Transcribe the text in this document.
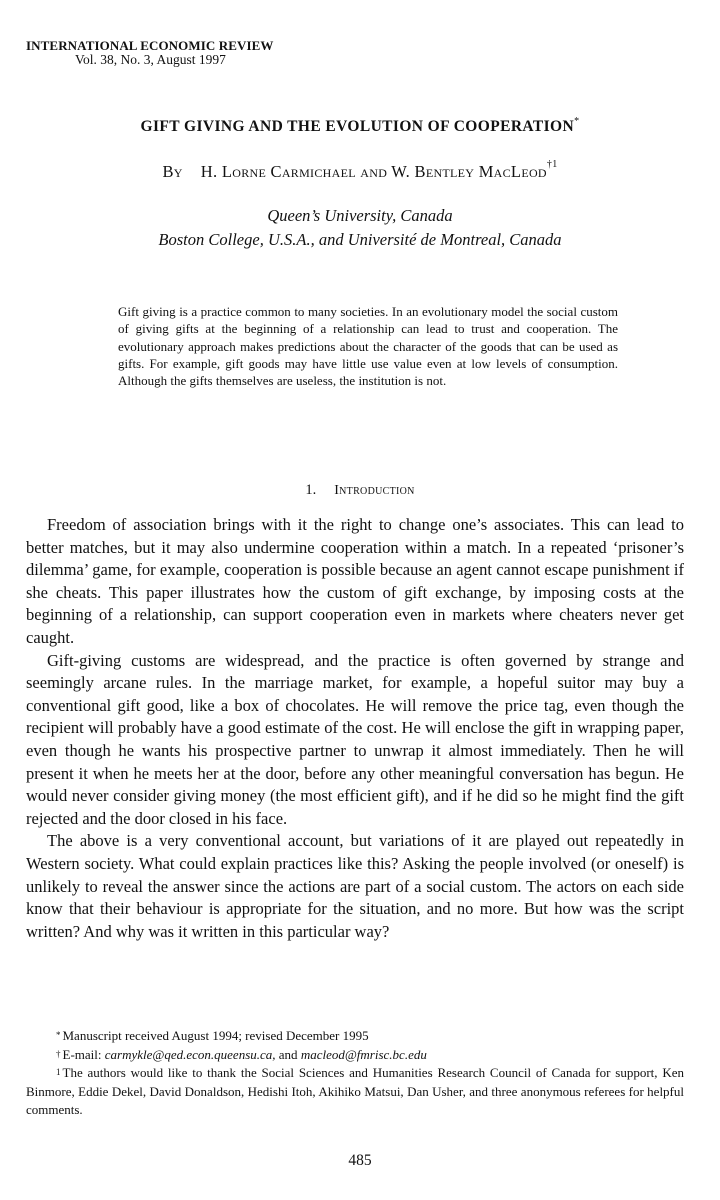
INTERNATIONAL ECONOMIC REVIEW
Vol. 38, No. 3, August 1997
GIFT GIVING AND THE EVOLUTION OF COOPERATION*
By H. Lorne Carmichael and W. Bentley MacLeod$^{\dagger 1}$
Queen’s University, Canada
Boston College, U.S.A., and Université de Montreal, Canada
Gift giving is a practice common to many societies. In an evolutionary model the social custom of giving gifts at the beginning of a relationship can lead to trust and cooperation. The evolutionary approach makes predictions about the character of the goods that can be used as gifts. For example, gift goods may have little use value even at low levels of consumption. Although the gifts themselves are useless, the institution is not.
1. Introduction

Freedom of association brings with it the right to change one’s associates. This can lead to better matches, but it may also undermine cooperation within a match. In a repeated ‘prisoner’s dilemma’ game, for example, cooperation is possible because an agent cannot escape punishment if she cheats. This paper illustrates how the custom of gift exchange, by imposing costs at the beginning of a relationship, can support cooperation even in markets where cheaters never get caught.

Gift-giving customs are widespread, and the practice is often governed by strange and seemingly arcane rules. In the marriage market, for example, a hopeful suitor may buy a conventional gift good, like a box of chocolates. He will remove the price tag, even though the recipient will probably have a good estimate of the cost. He will enclose the gift in wrapping paper, even though he wants his prospective partner to unwrap it almost immediately. Then he will present it when he meets her at the door, before any other meaningful conversation has begun. He would never consider giving money (the most efficient gift), and if he did so he might find the gift rejected and the door closed in his face.

The above is a very conventional account, but variations of it are played out repeatedly in Western society. What could explain practices like this? Asking the people involved (or oneself) is unlikely to reveal the answer since the actions are part of a social custom. The actors on each side know that their behaviour is appropriate for the situation, and no more. But how was the script written? And why was it written in this particular way?

* Manuscript received August 1994; revised December 1995

† E-mail: carmykle@qed.econ.queensu.ca, and macleod@fmrisc.bc.edu

$^1$ The authors would like to thank the Social Sciences and Humanities Research Council of Canada for support, Ken Binmore, Eddie Dekel, David Donaldson, Hedishi Itoh, Akihiko Matsui, Dan Usher, and three anonymous referees for helpful comments.

485
